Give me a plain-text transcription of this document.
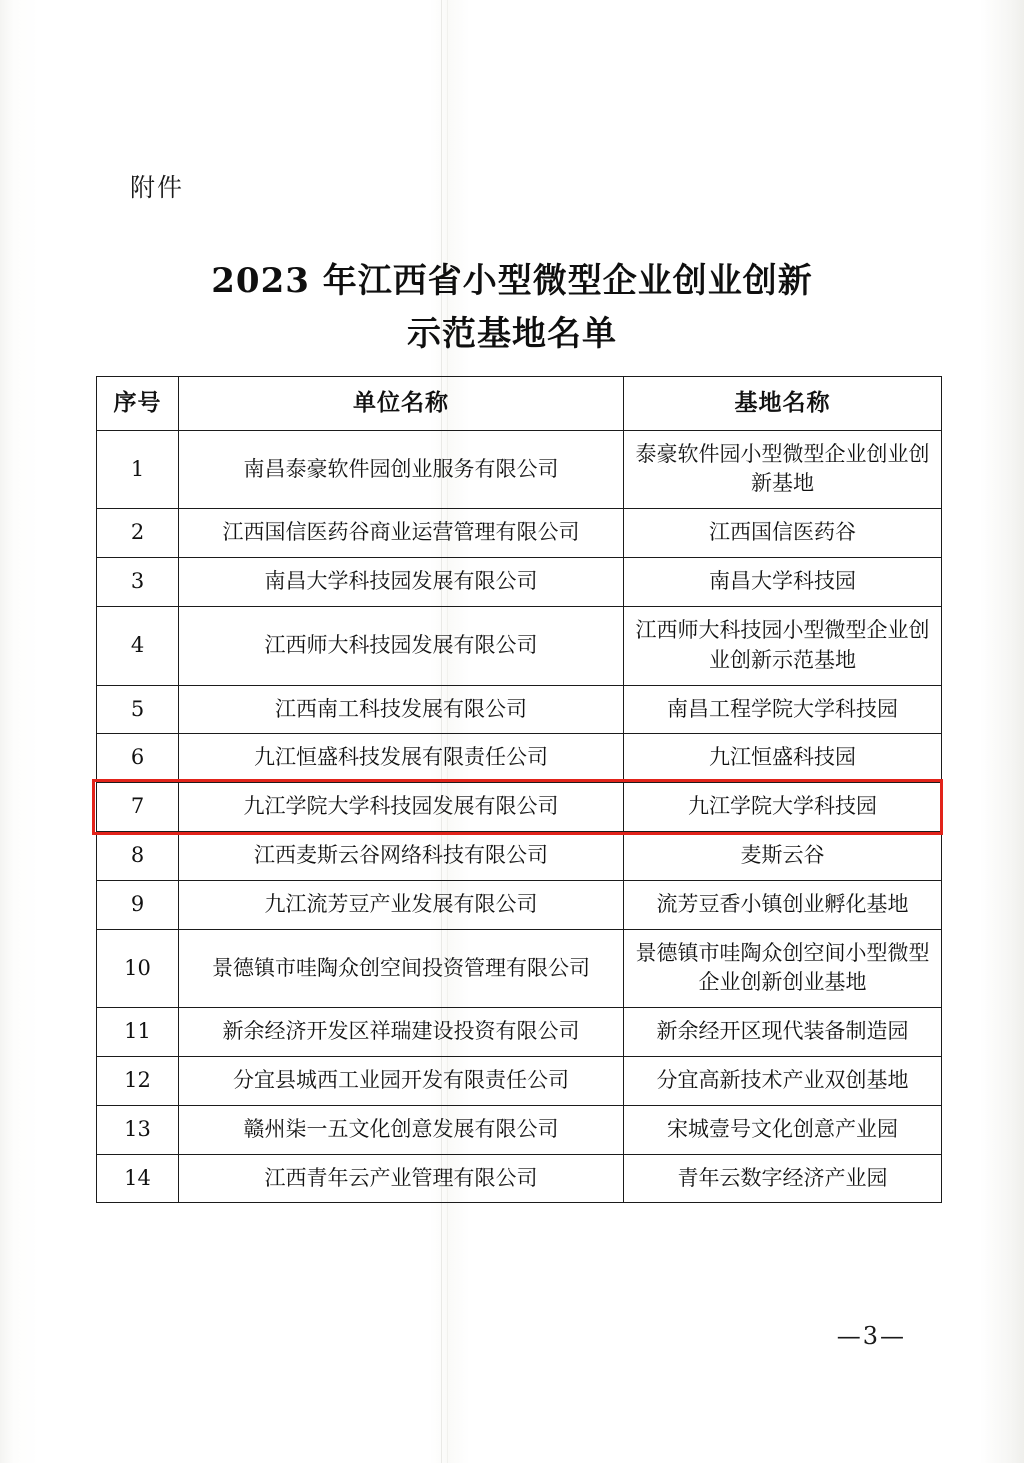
附件
2023 年江西省小型微型企业创业创新
示范基地名单
序号	单位名称	基地名称
1	南昌泰豪软件园创业服务有限公司	泰豪软件园小型微型企业创业创新基地
2	江西国信医药谷商业运营管理有限公司	江西国信医药谷
3	南昌大学科技园发展有限公司	南昌大学科技园
4	江西师大科技园发展有限公司	江西师大科技园小型微型企业创业创新示范基地
5	江西南工科技发展有限公司	南昌工程学院大学科技园
6	九江恒盛科技发展有限责任公司	九江恒盛科技园
7	九江学院大学科技园发展有限公司	九江学院大学科技园
8	江西麦斯云谷网络科技有限公司	麦斯云谷
9	九江流芳豆产业发展有限公司	流芳豆香小镇创业孵化基地
10	景德镇市哇陶众创空间投资管理有限公司	景德镇市哇陶众创空间小型微型企业创新创业基地
11	新余经济开发区祥瑞建设投资有限公司	新余经开区现代装备制造园
12	分宜县城西工业园开发有限责任公司	分宜高新技术产业双创基地
13	赣州柒一五文化创意发展有限公司	宋城壹号文化创意产业园
14	江西青年云产业管理有限公司	青年云数字经济产业园
—3—
